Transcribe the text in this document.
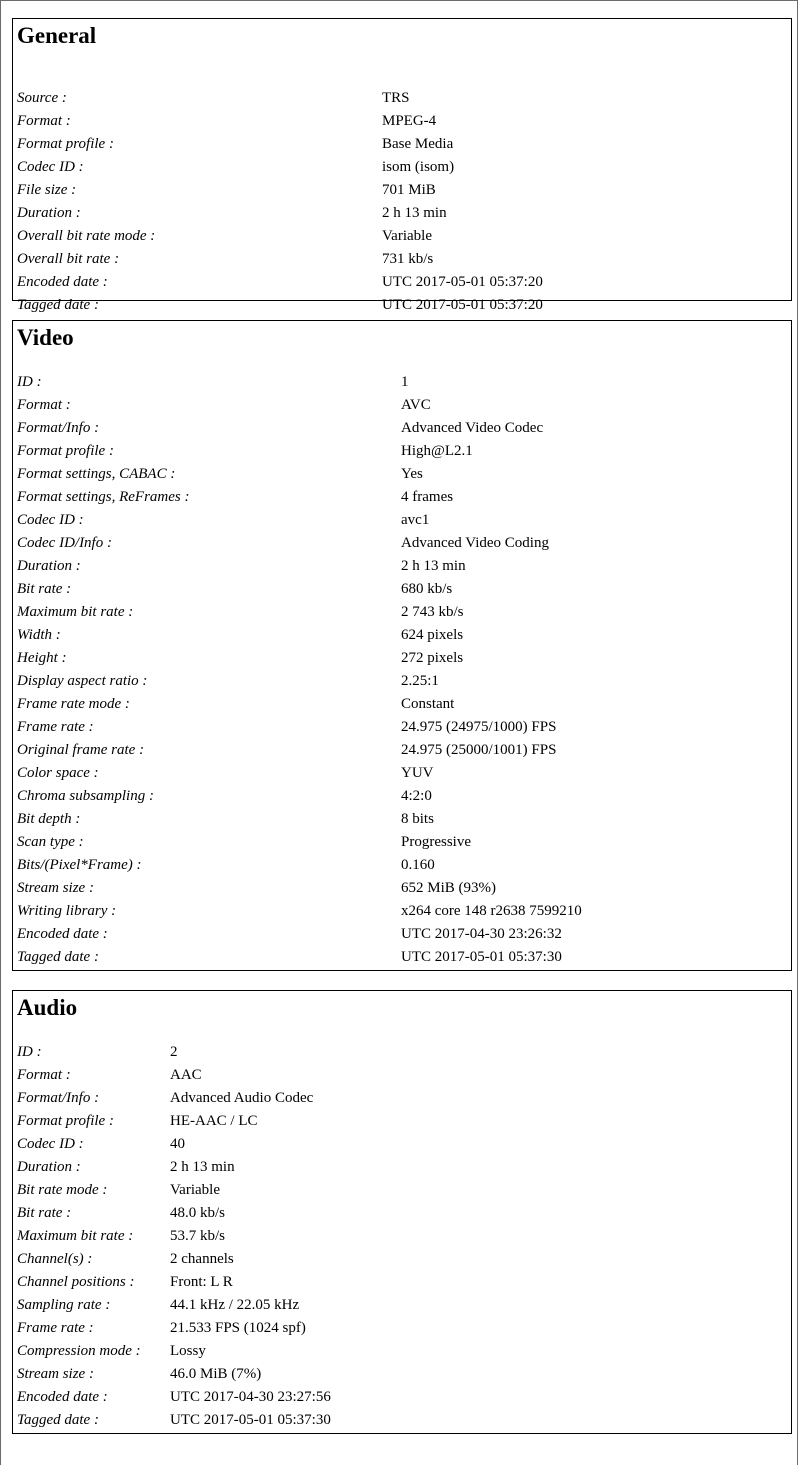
General
Source :	TRS
Format :	MPEG-4
Format profile :	Base Media
Codec ID :	isom (isom)
File size :	701 MiB
Duration :	2 h 13 min
Overall bit rate mode :	Variable
Overall bit rate :	731 kb/s
Encoded date :	UTC 2017-05-01 05:37:20
Tagged date :	UTC 2017-05-01 05:37:20
Video
ID :	1
Format :	AVC
Format/Info :	Advanced Video Codec
Format profile :	High@L2.1
Format settings, CABAC :	Yes
Format settings, ReFrames :	4 frames
Codec ID :	avc1
Codec ID/Info :	Advanced Video Coding
Duration :	2 h 13 min
Bit rate :	680 kb/s
Maximum bit rate :	2 743 kb/s
Width :	624 pixels
Height :	272 pixels
Display aspect ratio :	2.25:1
Frame rate mode :	Constant
Frame rate :	24.975 (24975/1000) FPS
Original frame rate :	24.975 (25000/1001) FPS
Color space :	YUV
Chroma subsampling :	4:2:0
Bit depth :	8 bits
Scan type :	Progressive
Bits/(Pixel*Frame) :	0.160
Stream size :	652 MiB (93%)
Writing library :	x264 core 148 r2638 7599210
Encoded date :	UTC 2017-04-30 23:26:32
Tagged date :	UTC 2017-05-01 05:37:30
Audio
ID :	2
Format :	AAC
Format/Info :	Advanced Audio Codec
Format profile :	HE-AAC / LC
Codec ID :	40
Duration :	2 h 13 min
Bit rate mode :	Variable
Bit rate :	48.0 kb/s
Maximum bit rate : 53.7 kb/s
Channel(s) :	2 channels
Channel positions : Front: L R
Sampling rate :	44.1 kHz / 22.05 kHz
Frame rate :	21.533 FPS (1024 spf)
Compression mode : Lossy
Stream size :	46.0 MiB (7%)
Encoded date :	UTC 2017-04-30 23:27:56
Tagged date :	UTC 2017-05-01 05:37:30
